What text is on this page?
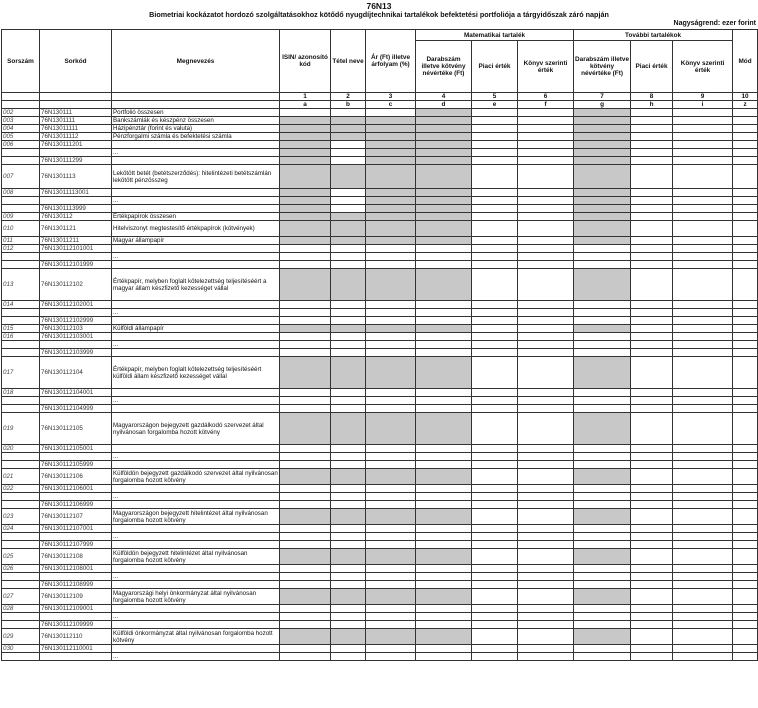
76N13
Biometriai kockázatot hordozó szolgáltatásokhoz kötődő nyugdíjtechnikai tartalékok befektetési portfoliója a tárgyidőszak záró napján
Nagyságrend: ezer forint
Sorszám	Sorkód	Megnevezés	ISIN/ azonosító kód	Tétel neve	Ár (Ft) illetve árfolyam (%)	Matematikai tartalék			További tartalékok			Mód
						Darabszám illetve kötvény névértéke (Ft)	Piaci érték	Könyv szerinti érték	Darabszám illetve kötvény névértéke (Ft)	Piaci érték	Könyv szerinti érték	
			1	2	3	4	5	6	7	8	9	10
			a	b	c	d	e	f	g	h	i	z
002	76N130111	Portfolió összesen										
003	76N1301111	Bankszámlák és készpénz összesen										
004	76N13011111	Házipénztár (forint és valuta)										
005	76N13011112	Pénzforgalmi számla és befektetési számla										
006	76N130111201											
		...										
	76N130111299											
007	76N1301113	Lekötött betét (betétszerződés): hitelintézeti betétszámlán lekötött pénzösszeg										
008	76N13011113001											
		...										
	76N1301113999											
009	76N130112	Értékpapírok összesen										
010	76N1301121	Hitelviszonyt megtestesítő értékpapírok (kötvények)										
011	76N13011211	Magyar állampapír										
012	76N130112101001											
		...										
	76N130112101999											
013	76N130112102	Értékpapír, melyben foglalt kötelezettség teljesítéséért a magyar állam készfizető kezességet vállal										
014	76N130112102001											
		...										
	76N130112102999											
015	76N130112103	Külföldi állampapír										
016	76N130112103001											
		...										
	76N130112103999											
017	76N130112104	Értékpapír, melyben foglalt kötelezettség teljesítéséért külföldi állam készfizető kezességet vállal										
018	76N130112104001											
		...										
	76N130112104999											
019	76N130112105	Magyarországon bejegyzett gazdálkodó szervezet által nyilvánosan forgalomba hozott kötvény										
020	76N130112105001											
		...										
	76N130112105999											
021	76N130112106	Külföldön bejegyzett gazdálkodó szervezet által nyilvánosan forgalomba hozott kötvény										
022	76N130112106001											
		...										
	76N130112106999											
023	76N130112107	Magyarországon bejegyzett hitelintézet által nyilvánosan forgalomba hozott kötvény										
024	76N130112107001											
		...										
	76N130112107999											
025	76N130112108	Külföldön bejegyzett hitelintézet által nyilvánosan forgalomba hozott kötvény										
026	76N130112108001											
		...										
	76N130112108999											
027	76N130112109	Magyarországi helyi önkormányzat által nyilvánosan forgalomba hozott kötvény										
028	76N130112109001											
		...										
	76N130112109999											
029	76N130112110	Külföldi önkormányzat által nyilvánosan forgalomba hozott kötvény										
030	76N130112110001											
		...										
